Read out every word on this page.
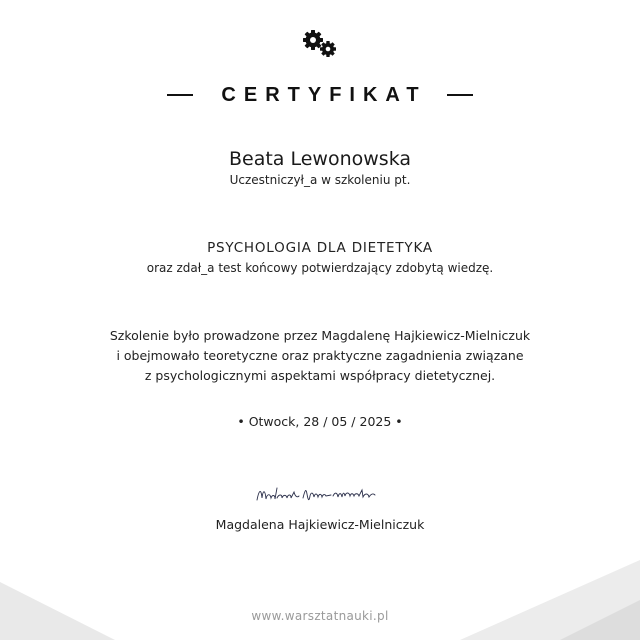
CERTYFIKAT
Beata Lewonowska
Uczestniczył_a w szkoleniu pt.
PSYCHOLOGIA DLA DIETETYKA
oraz zdał_a test końcowy potwierdzający zdobytą wiedzę.
Szkolenie było prowadzone przez Magdalenę Hajkiewicz-Mielniczuk
i obejmowało teoretyczne oraz praktyczne zagadnienia związane
z psychologicznymi aspektami współpracy dietetycznej.
• Otwock, 28 / 05 / 2025 •
Magdalena Hajkiewicz-Mielniczuk
www.warsztatnauki.pl
